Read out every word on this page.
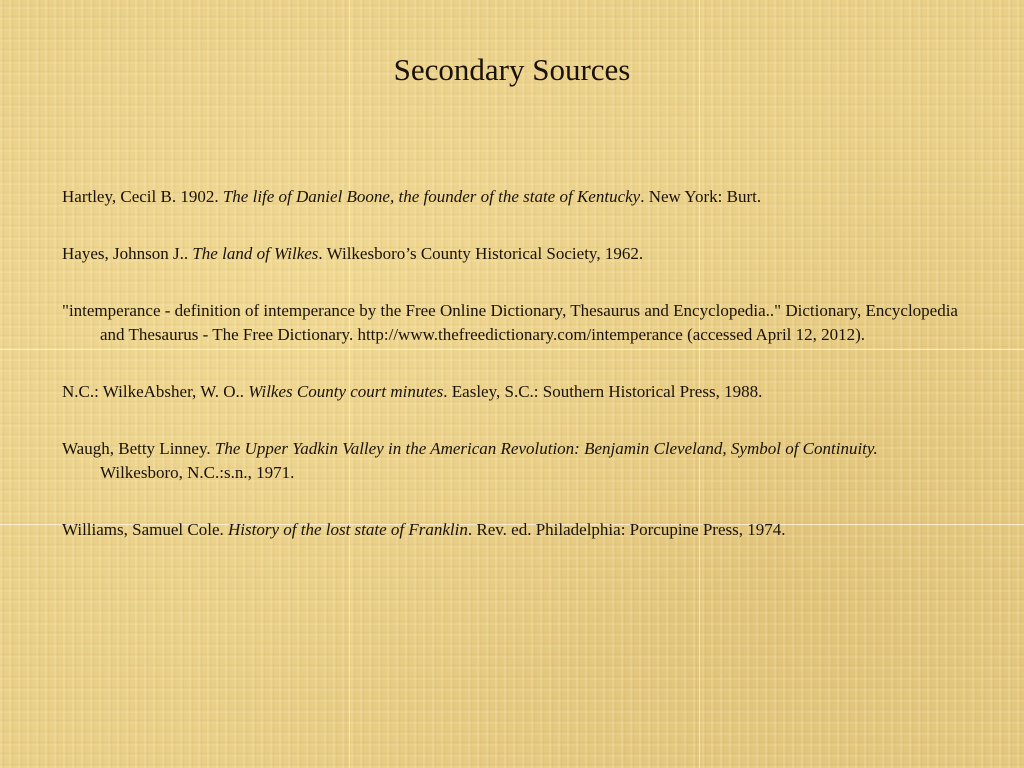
Secondary Sources

Hartley, Cecil B. 1902. The life of Daniel Boone, the founder of the state of Kentucky. New York: Burt.

Hayes, Johnson J.. The land of Wilkes. Wilkesboro’s County Historical Society, 1962.

"intemperance - definition of intemperance by the Free Online Dictionary, Thesaurus and Encyclopedia.." Dictionary, Encyclopedia and Thesaurus - The Free Dictionary. http://www.thefreedictionary.com/intemperance (accessed April 12, 2012).

N.C.: WilkeAbsher, W. O.. Wilkes County court minutes. Easley, S.C.: Southern Historical Press, 1988.

Waugh, Betty Linney. The Upper Yadkin Valley in the American Revolution: Benjamin Cleveland, Symbol of Continuity. Wilkesboro, N.C.:s.n., 1971.

Williams, Samuel Cole. History of the lost state of Franklin. Rev. ed. Philadelphia: Porcupine Press, 1974.
